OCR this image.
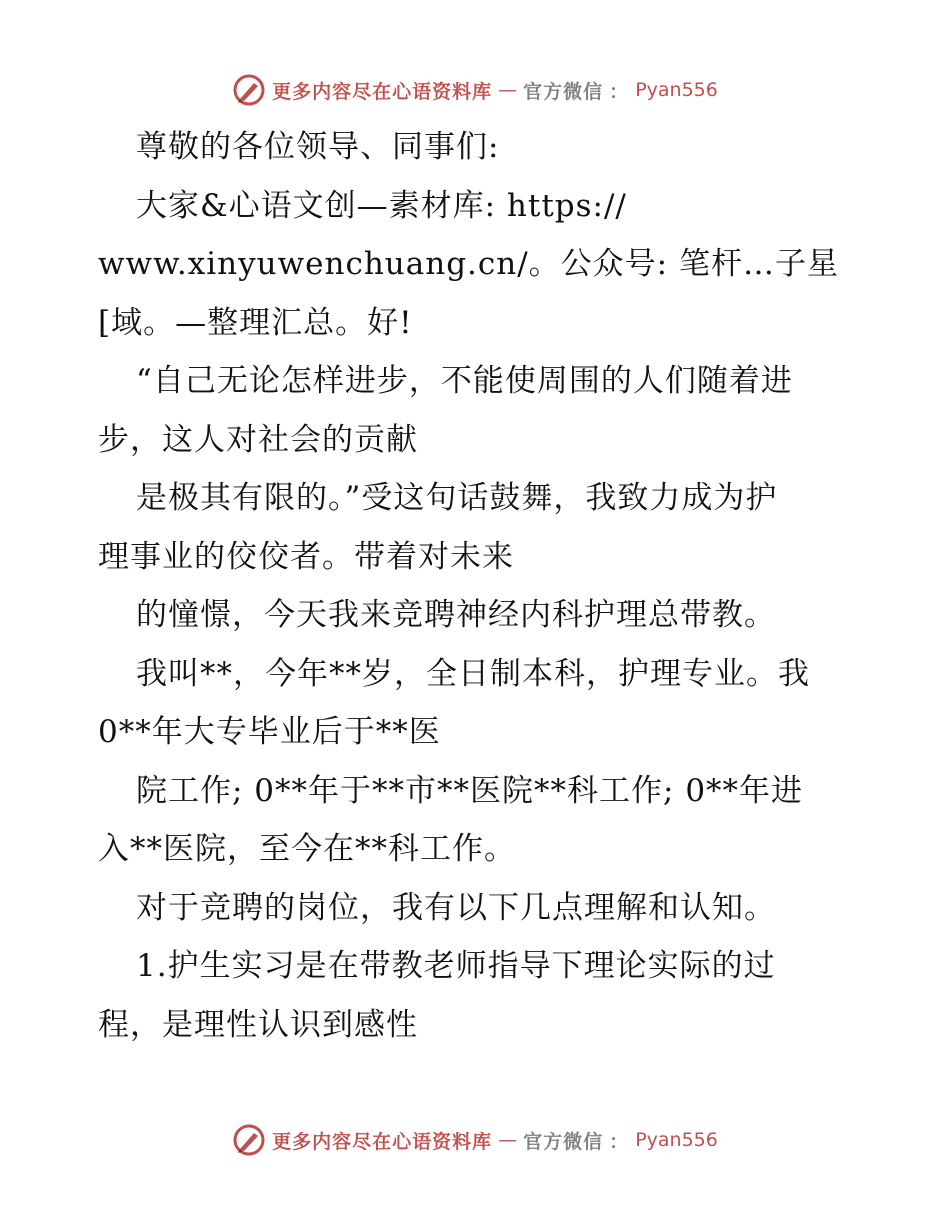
更多内容尽在心语资料库 — 官方微信 ： Pyan556
尊敬的各位领导、同事们:
大家&心语文创—素材库: https://
www.xinyuwenchuang.cn/。公众号: 笔杆…子星
[域。—整理汇总。好!
“自己无论怎样进步，不能使周围的人们随着进
步，这人对社会的贡献
是极其有限的。”受这句话鼓舞，我致力成为护
理事业的佼佼者。带着对未来
的憧憬，今天我来竞聘神经内科护理总带教。
我叫**，今年**岁，全日制本科，护理专业。我
0**年大专毕业后于**医
院工作; 0**年于**市**医院**科工作; 0**年进
入**医院，至今在**科工作。
对于竞聘的岗位，我有以下几点理解和认知。
1.护生实习是在带教老师指导下理论实际的过
程，是理性认识到感性
更多内容尽在心语资料库 — 官方微信 ： Pyan556
